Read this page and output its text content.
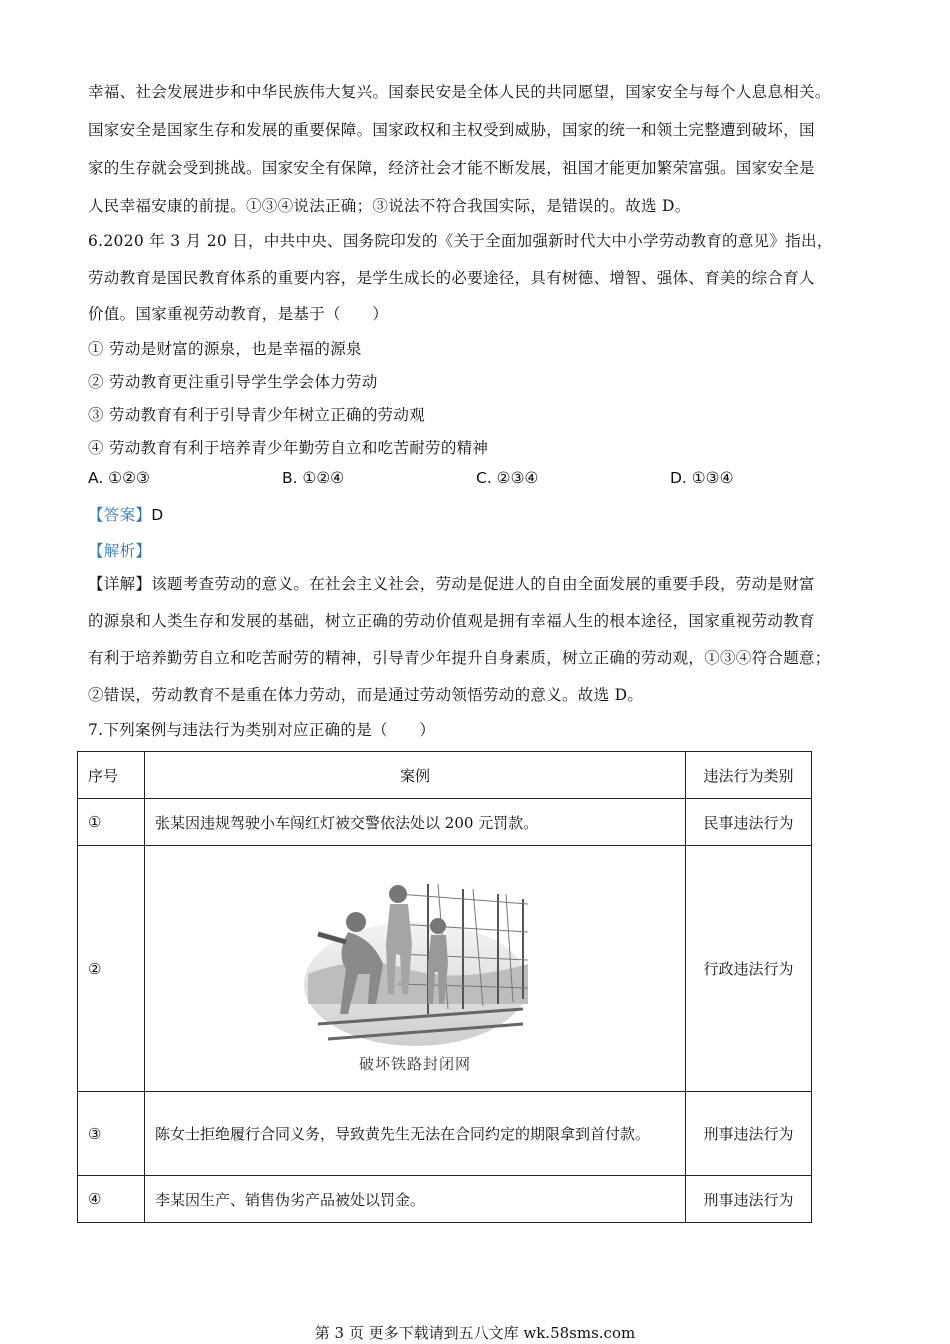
幸福、社会发展进步和中华民族伟大复兴。国泰民安是全体人民的共同愿望，国家安全与每个人息息相关。
国家安全是国家生存和发展的重要保障。国家政权和主权受到威胁，国家的统一和领土完整遭到破坏，国
家的生存就会受到挑战。国家安全有保障，经济社会才能不断发展，祖国才能更加繁荣富强。国家安全是
人民幸福安康的前提。①③④说法正确；③说法不符合我国实际，是错误的。故选 D。
6.2020 年 3 月 20 日，中共中央、国务院印发的《关于全面加强新时代大中小学劳动教育的意见》指出，
劳动教育是国民教育体系的重要内容，是学生成长的必要途径，具有树德、增智、强体、育美的综合育人
价值。国家重视劳动教育，是基于（　　）
① 劳动是财富的源泉，也是幸福的源泉
② 劳动教育更注重引导学生学会体力劳动
③ 劳动教育有利于引导青少年树立正确的劳动观
④ 劳动教育有利于培养青少年勤劳自立和吃苦耐劳的精神
A. ①②③	B. ①②④	C. ②③④	D. ①③④
【答案】D
【解析】
【详解】该题考查劳动的意义。在社会主义社会，劳动是促进人的自由全面发展的重要手段，劳动是财富
的源泉和人类生存和发展的基础，树立正确的劳动价值观是拥有幸福人生的根本途径，国家重视劳动教育
有利于培养勤劳自立和吃苦耐劳的精神，引导青少年提升自身素质，树立正确的劳动观，①③④符合题意；
②错误，劳动教育不是重在体力劳动，而是通过劳动领悟劳动的意义。故选 D。
7.下列案例与违法行为类别对应正确的是（　　）
序号	案例	违法行为类别
①	张某因违规驾驶小车闯红灯被交警依法处以 200 元罚款。	民事违法行为
②	破坏铁路封闭网	行政违法行为
③	陈女士拒绝履行合同义务，导致黄先生无法在合同约定的期限拿到首付款。	刑事违法行为
④	李某因生产、销售伪劣产品被处以罚金。	刑事违法行为
第 3 页 更多下载请到五八文库 wk.58sms.com
